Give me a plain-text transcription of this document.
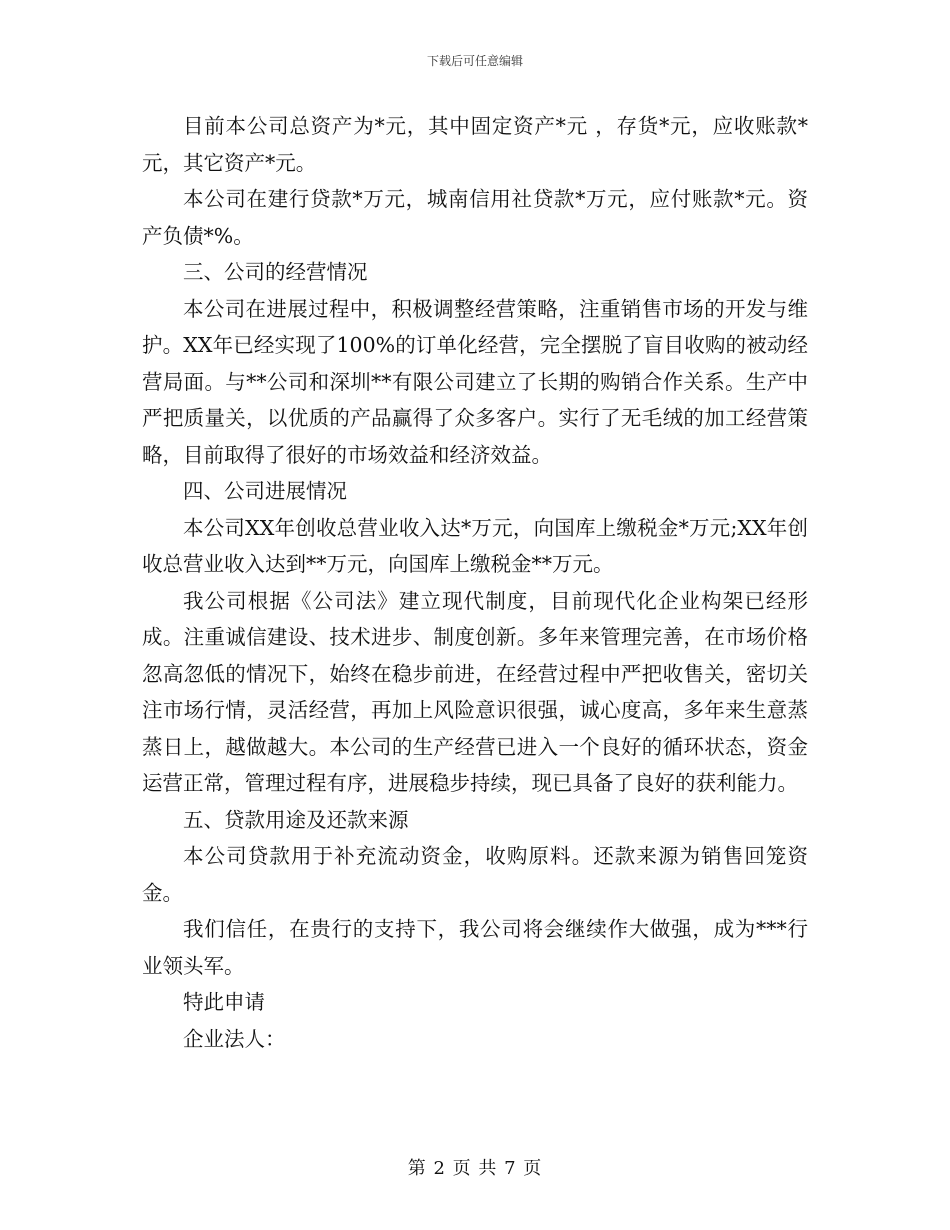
下载后可任意编辑

目前本公司总资产为*元，其中固定资产*元 ，存货*元，应收账款*元，其它资产*元。

本公司在建行贷款*万元，城南信用社贷款*万元，应付账款*元。资产负债*%。

三、公司的经营情况

本公司在进展过程中，积极调整经营策略，注重销售市场的开发与维护。XX年已经实现了100%的订单化经营，完全摆脱了盲目收购的被动经营局面。与**公司和深圳**有限公司建立了长期的购销合作关系。生产中严把质量关，以优质的产品赢得了众多客户。实行了无毛绒的加工经营策略，目前取得了很好的市场效益和经济效益。

四、公司进展情况

本公司XX年创收总营业收入达*万元，向国库上缴税金*万元;XX年创收总营业收入达到**万元，向国库上缴税金**万元。

我公司根据《公司法》建立现代制度，目前现代化企业构架已经形成。注重诚信建设、技术进步、制度创新。多年来管理完善，在市场价格忽高忽低的情况下，始终在稳步前进，在经营过程中严把收售关，密切关注市场行情，灵活经营，再加上风险意识很强，诚心度高，多年来生意蒸蒸日上，越做越大。本公司的生产经营已进入一个良好的循环状态，资金运营正常，管理过程有序，进展稳步持续，现已具备了良好的获利能力。

五、贷款用途及还款来源

本公司贷款用于补充流动资金，收购原料。还款来源为销售回笼资金。

我们信任，在贵行的支持下，我公司将会继续作大做强，成为***行业领头军。

特此申请

企业法人：

第 2 页 共 7 页
